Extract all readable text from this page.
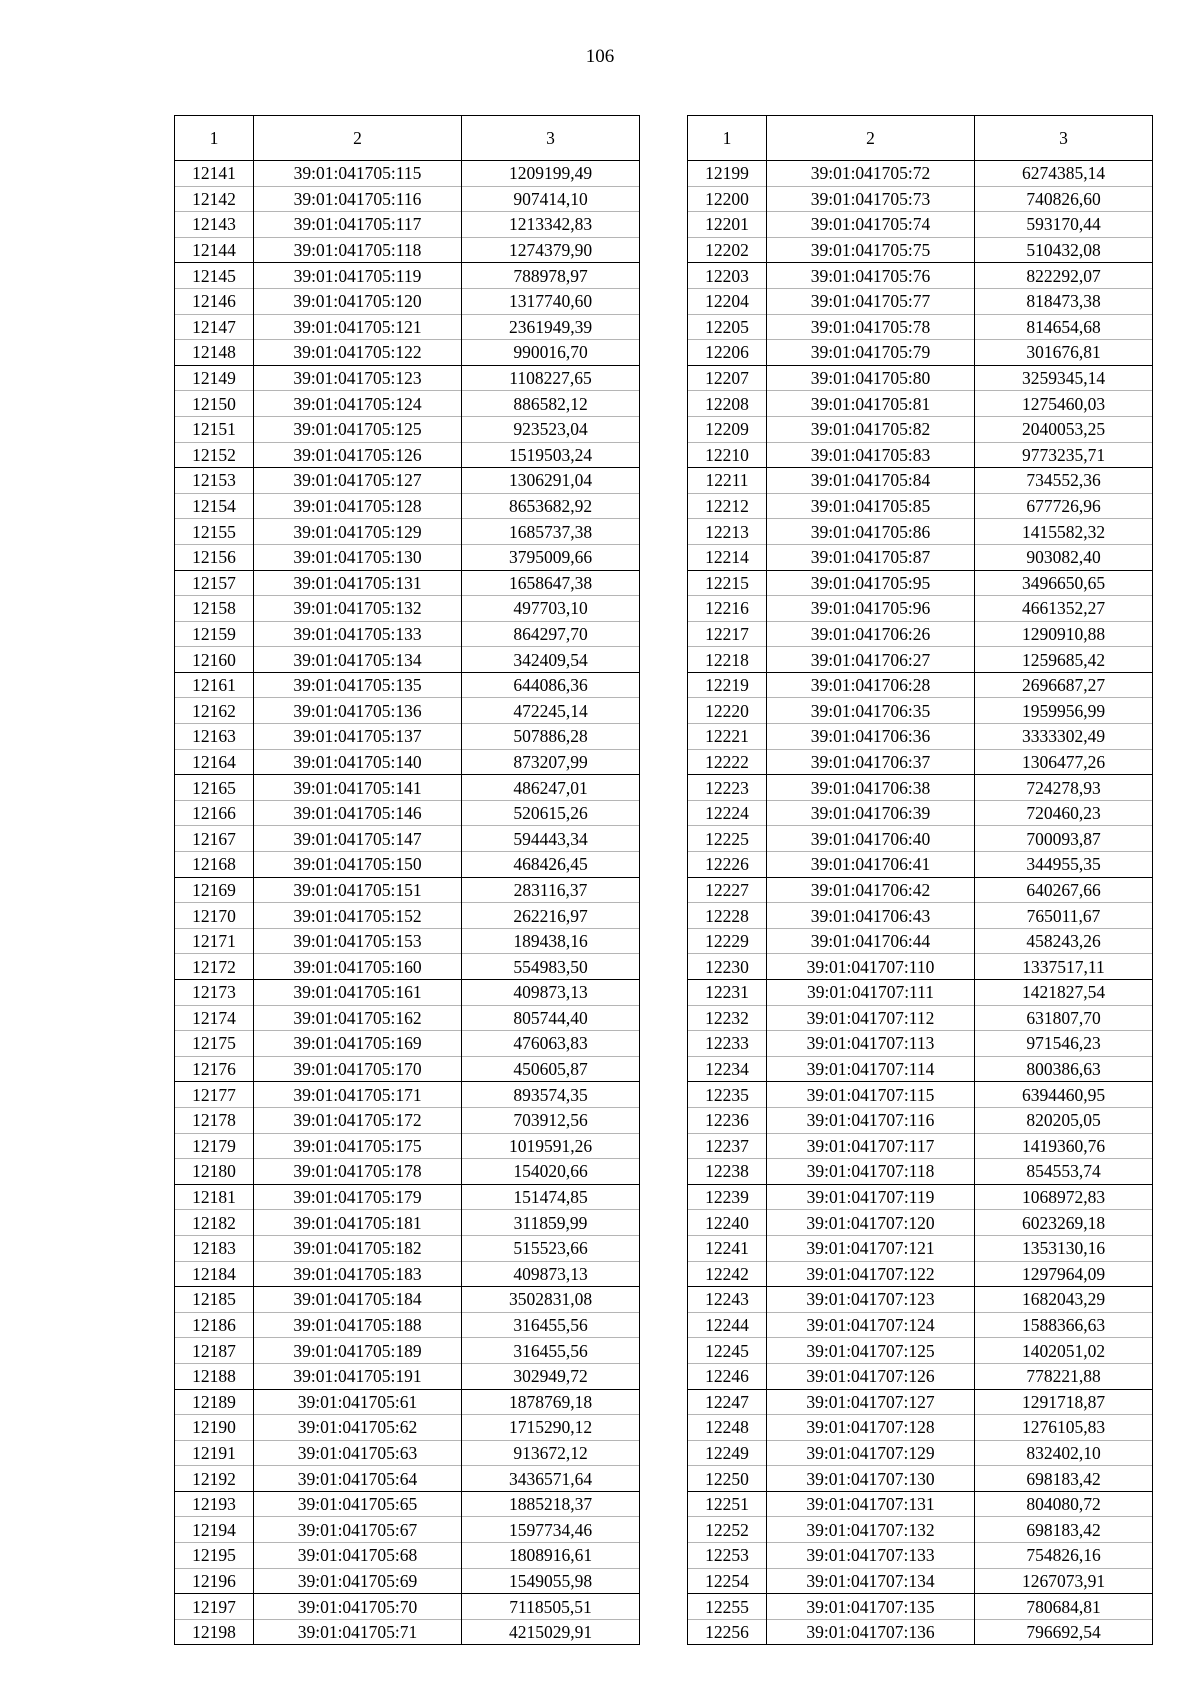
106
1	2	3
12141	39:01:041705:115	1209199,49
12142	39:01:041705:116	907414,10
12143	39:01:041705:117	1213342,83
12144	39:01:041705:118	1274379,90
12145	39:01:041705:119	788978,97
12146	39:01:041705:120	1317740,60
12147	39:01:041705:121	2361949,39
12148	39:01:041705:122	990016,70
12149	39:01:041705:123	1108227,65
12150	39:01:041705:124	886582,12
12151	39:01:041705:125	923523,04
12152	39:01:041705:126	1519503,24
12153	39:01:041705:127	1306291,04
12154	39:01:041705:128	8653682,92
12155	39:01:041705:129	1685737,38
12156	39:01:041705:130	3795009,66
12157	39:01:041705:131	1658647,38
12158	39:01:041705:132	497703,10
12159	39:01:041705:133	864297,70
12160	39:01:041705:134	342409,54
12161	39:01:041705:135	644086,36
12162	39:01:041705:136	472245,14
12163	39:01:041705:137	507886,28
12164	39:01:041705:140	873207,99
12165	39:01:041705:141	486247,01
12166	39:01:041705:146	520615,26
12167	39:01:041705:147	594443,34
12168	39:01:041705:150	468426,45
12169	39:01:041705:151	283116,37
12170	39:01:041705:152	262216,97
12171	39:01:041705:153	189438,16
12172	39:01:041705:160	554983,50
12173	39:01:041705:161	409873,13
12174	39:01:041705:162	805744,40
12175	39:01:041705:169	476063,83
12176	39:01:041705:170	450605,87
12177	39:01:041705:171	893574,35
12178	39:01:041705:172	703912,56
12179	39:01:041705:175	1019591,26
12180	39:01:041705:178	154020,66
12181	39:01:041705:179	151474,85
12182	39:01:041705:181	311859,99
12183	39:01:041705:182	515523,66
12184	39:01:041705:183	409873,13
12185	39:01:041705:184	3502831,08
12186	39:01:041705:188	316455,56
12187	39:01:041705:189	316455,56
12188	39:01:041705:191	302949,72
12189	39:01:041705:61	1878769,18
12190	39:01:041705:62	1715290,12
12191	39:01:041705:63	913672,12
12192	39:01:041705:64	3436571,64
12193	39:01:041705:65	1885218,37
12194	39:01:041705:67	1597734,46
12195	39:01:041705:68	1808916,61
12196	39:01:041705:69	1549055,98
12197	39:01:041705:70	7118505,51
12198	39:01:041705:71	4215029,91
1	2	3
12199	39:01:041705:72	6274385,14
12200	39:01:041705:73	740826,60
12201	39:01:041705:74	593170,44
12202	39:01:041705:75	510432,08
12203	39:01:041705:76	822292,07
12204	39:01:041705:77	818473,38
12205	39:01:041705:78	814654,68
12206	39:01:041705:79	301676,81
12207	39:01:041705:80	3259345,14
12208	39:01:041705:81	1275460,03
12209	39:01:041705:82	2040053,25
12210	39:01:041705:83	9773235,71
12211	39:01:041705:84	734552,36
12212	39:01:041705:85	677726,96
12213	39:01:041705:86	1415582,32
12214	39:01:041705:87	903082,40
12215	39:01:041705:95	3496650,65
12216	39:01:041705:96	4661352,27
12217	39:01:041706:26	1290910,88
12218	39:01:041706:27	1259685,42
12219	39:01:041706:28	2696687,27
12220	39:01:041706:35	1959956,99
12221	39:01:041706:36	3333302,49
12222	39:01:041706:37	1306477,26
12223	39:01:041706:38	724278,93
12224	39:01:041706:39	720460,23
12225	39:01:041706:40	700093,87
12226	39:01:041706:41	344955,35
12227	39:01:041706:42	640267,66
12228	39:01:041706:43	765011,67
12229	39:01:041706:44	458243,26
12230	39:01:041707:110	1337517,11
12231	39:01:041707:111	1421827,54
12232	39:01:041707:112	631807,70
12233	39:01:041707:113	971546,23
12234	39:01:041707:114	800386,63
12235	39:01:041707:115	6394460,95
12236	39:01:041707:116	820205,05
12237	39:01:041707:117	1419360,76
12238	39:01:041707:118	854553,74
12239	39:01:041707:119	1068972,83
12240	39:01:041707:120	6023269,18
12241	39:01:041707:121	1353130,16
12242	39:01:041707:122	1297964,09
12243	39:01:041707:123	1682043,29
12244	39:01:041707:124	1588366,63
12245	39:01:041707:125	1402051,02
12246	39:01:041707:126	778221,88
12247	39:01:041707:127	1291718,87
12248	39:01:041707:128	1276105,83
12249	39:01:041707:129	832402,10
12250	39:01:041707:130	698183,42
12251	39:01:041707:131	804080,72
12252	39:01:041707:132	698183,42
12253	39:01:041707:133	754826,16
12254	39:01:041707:134	1267073,91
12255	39:01:041707:135	780684,81
12256	39:01:041707:136	796692,54
